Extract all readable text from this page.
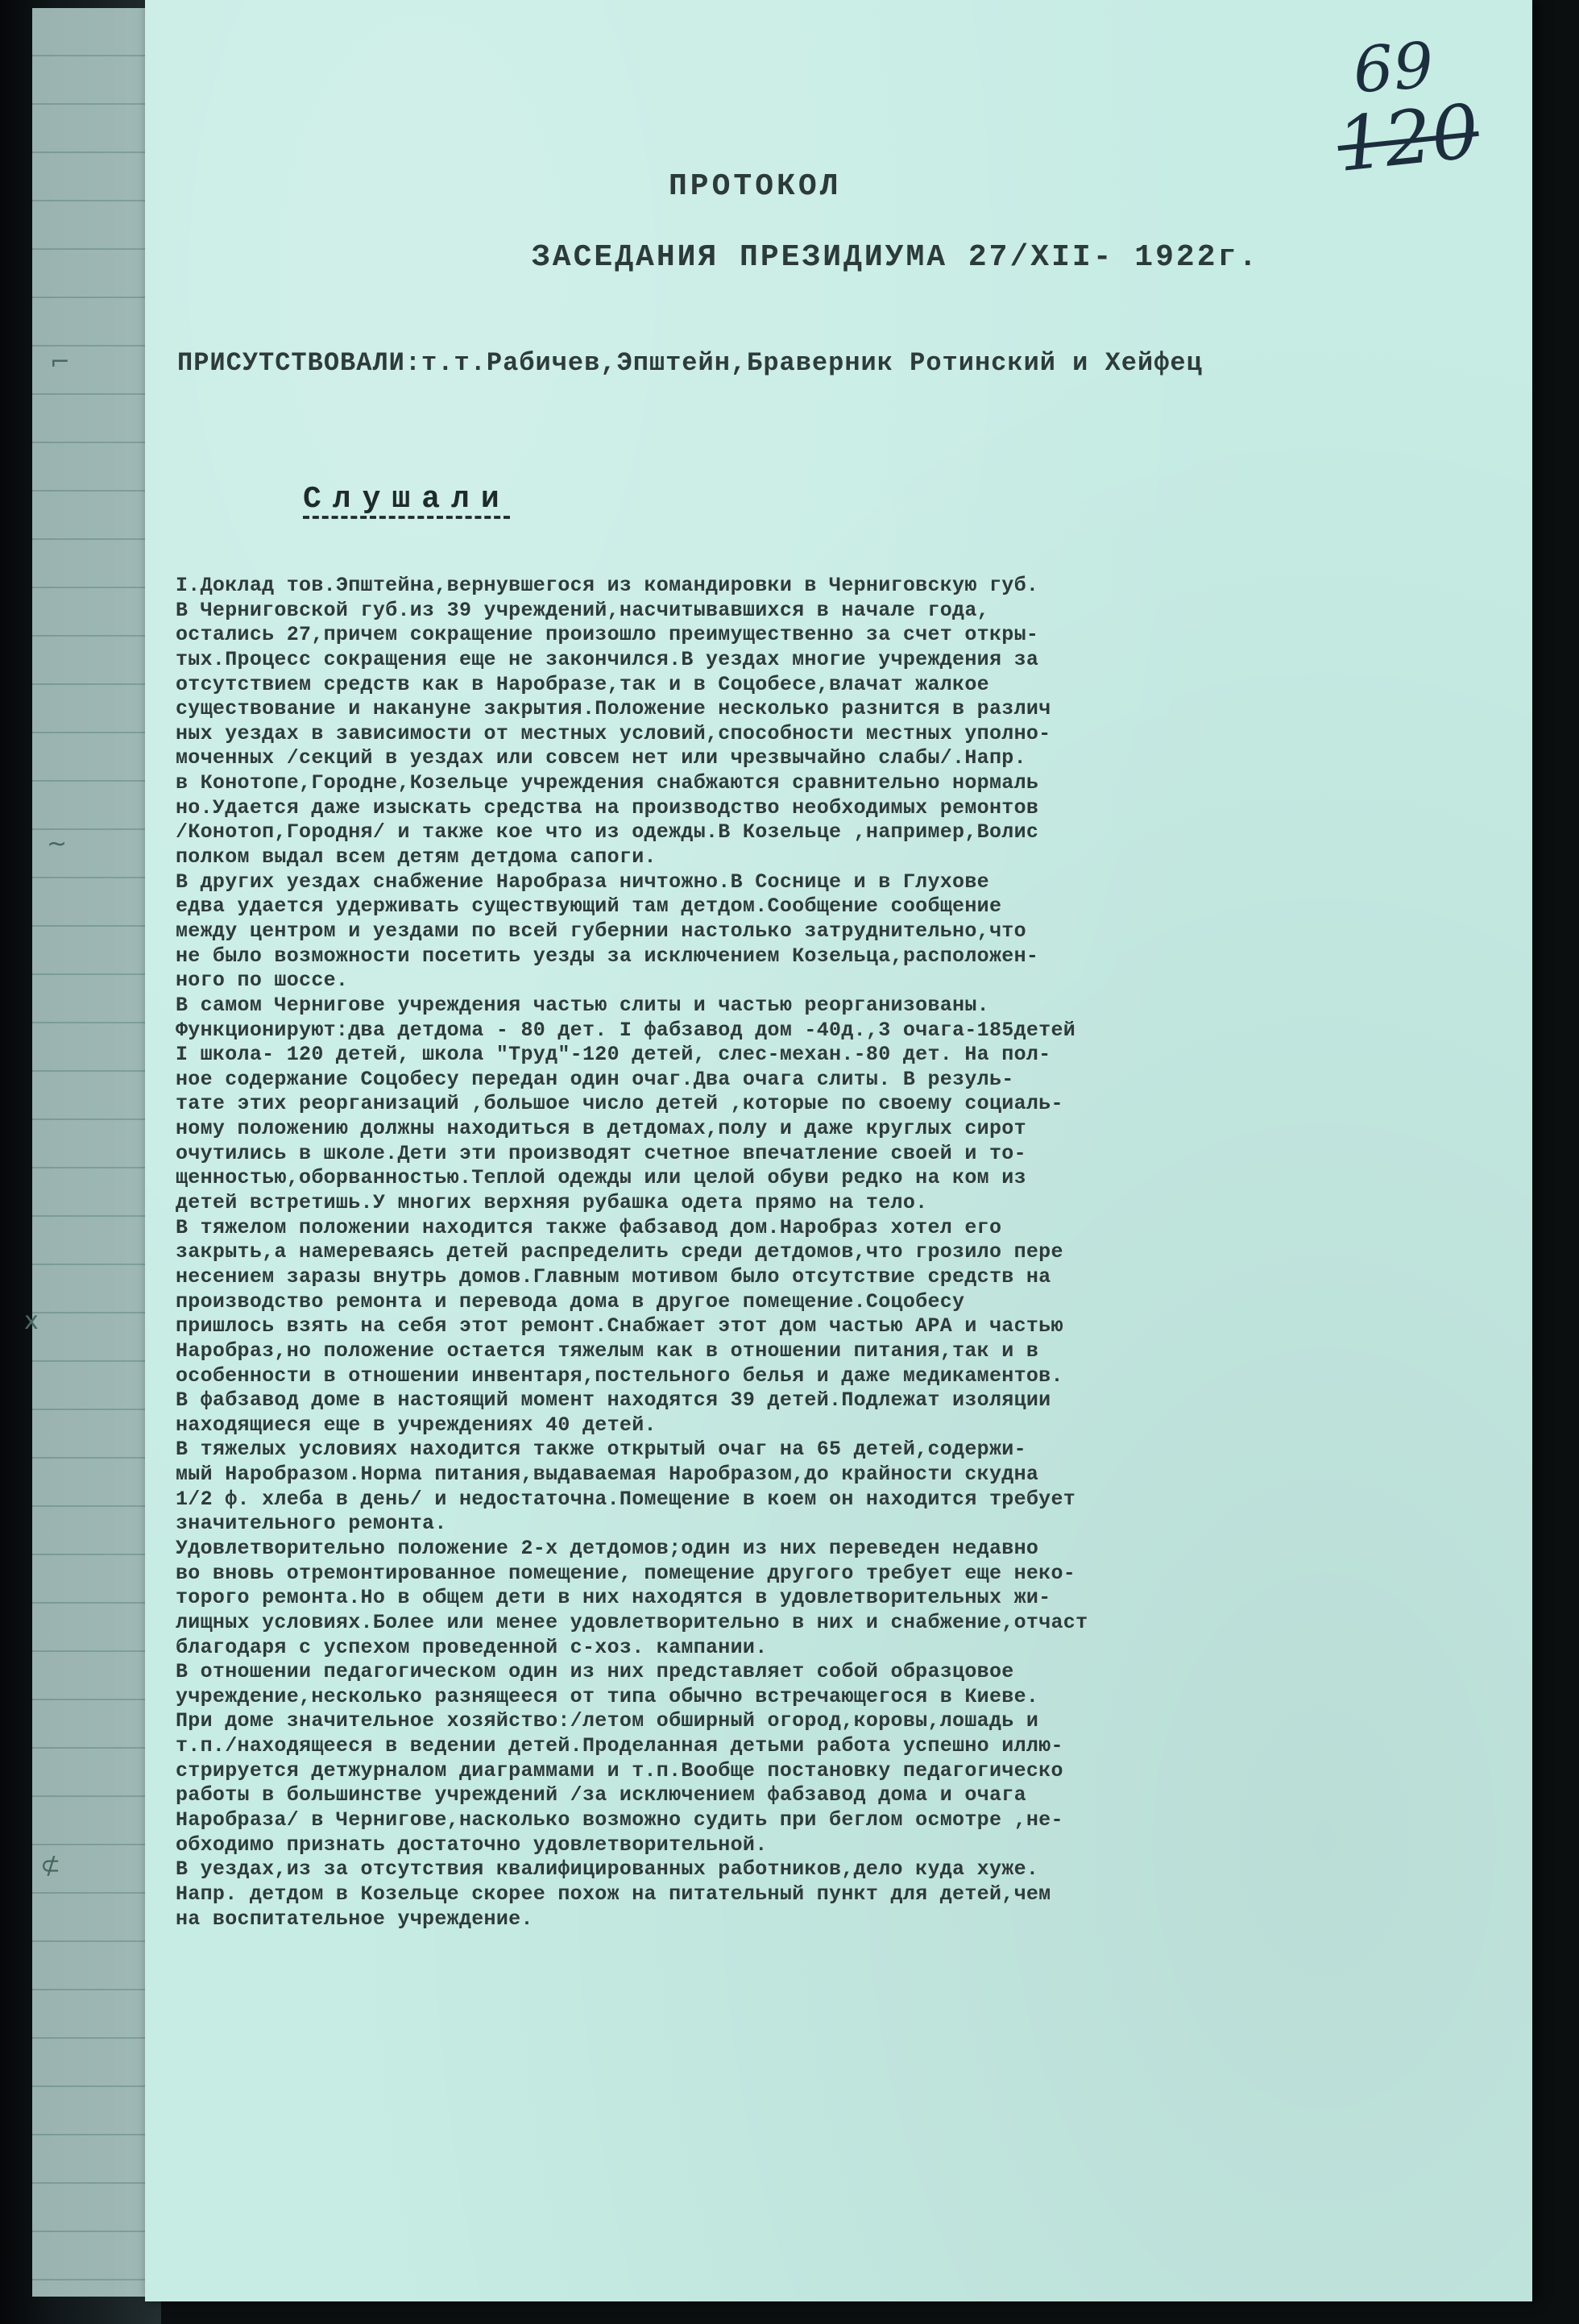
⌐
~
x
⊄
69
120
ПРОТОКОЛ
ЗАСЕДАНИЯ ПРЕЗИДИУМА 27/XII- 1922г.
ПРИСУТСТВОВАЛИ:т.т.Рабичев,Эпштейн,Браверник Ротинский и Хейфец
Слушали
I.Доклад тов.Эпштейна,вернувшегося из командировки в Черниговскую губ.
В Черниговской губ.из 39 учреждений,насчитывавшихся в начале года,
остались 27,причем сокращение произошло преимущественно за счет откры-
тых.Процесс сокращения еще не закончился.В уездах многие учреждения за
отсутствием средств как в Наробразе,так и в Соцобесе,влачат жалкое
существование и накануне закрытия.Положение несколько разнится в различ
ных уездах в зависимости от местных условий,способности местных уполно-
моченных /секций в уездах или совсем нет или чрезвычайно слабы/.Напр.
в Конотопе,Городне,Козельце учреждения снабжаются сравнительно нормаль
но.Удается даже изыскать средства на производство необходимых ремонтов
/Конотоп,Городня/ и также кое что из одежды.В Козельце ,например,Волис
полком выдал всем детям детдома сапоги.
В других уездах снабжение Наробраза ничтожно.В Соснице и в Глухове
едва удается удерживать существующий там детдом.Сообщение сообщение
между центром и уездами по всей губернии настолько затруднительно,что
не было возможности посетить уезды за исключением Козельца,расположен-
ного по шоссе.
В самом Чернигове учреждения частью слиты и частью реорганизованы.
Функционируют:два детдома - 80 дет. I фабзавод дом -40д.,3 очага-185детей
I школа- 120 детей, школа "Труд"-120 детей, слес-механ.-80 дет. На пол-
ное содержание Соцобесу передан один очаг.Два очага слиты. В резуль-
тате этих реорганизаций ,большое число детей ,которые по своему социаль-
ному положению должны находиться в детдомах,полу и даже круглых сирот
очутились в школе.Дети эти производят счетное впечатление своей и то-
щенностью,оборванностью.Теплой одежды или целой обуви редко на ком из
детей встретишь.У многих верхняя рубашка одета прямо на тело.
В тяжелом положении находится также фабзавод дом.Наробраз хотел его
закрыть,а намереваясь детей распределить среди детдомов,что грозило пере
несением заразы внутрь домов.Главным мотивом было отсутствие средств на
производство ремонта и перевода дома в другое помещение.Соцобесу
пришлось взять на себя этот ремонт.Снабжает этот дом частью АРА и частью
Наробраз,но положение остается тяжелым как в отношении питания,так и в
особенности в отношении инвентаря,постельного белья и даже медикаментов.
В фабзавод доме в настоящий момент находятся 39 детей.Подлежат изоляции
находящиеся еще в учреждениях 40 детей.
В тяжелых условиях находится также открытый очаг на 65 детей,содержи-
мый Наробразом.Норма питания,выдаваемая Наробразом,до крайности скудна
1/2 ф. хлеба в день/ и недостаточна.Помещение в коем он находится требует
значительного ремонта.
Удовлетворительно положение 2-х детдомов;один из них переведен недавно
во вновь отремонтированное помещение, помещение другого требует еще неко-
торого ремонта.Но в общем дети в них находятся в удовлетворительных жи-
лищных условиях.Более или менее удовлетворительно в них и снабжение,отчаст
благодаря с успехом проведенной с-хоз. кампании.
В отношении педагогическом один из них представляет собой образцовое
учреждение,несколько разнящееся от типа обычно встречающегося в Киеве.
При доме значительное хозяйство:/летом обширный огород,коровы,лошадь и
т.п./находящееся в ведении детей.Проделанная детьми работа успешно иллю-
стрируется детжурналом диаграммами и т.п.Вообще постановку педагогическо
работы в большинстве учреждений /за исключением фабзавод дома и очага
Наробраза/ в Чернигове,насколько возможно судить при беглом осмотре ,не-
обходимо признать достаточно удовлетворительной.
В уездах,из за отсутствия квалифицированных работников,дело куда хуже.
Напр. детдом в Козельце скорее похож на питательный пункт для детей,чем
на воспитательное учреждение.
